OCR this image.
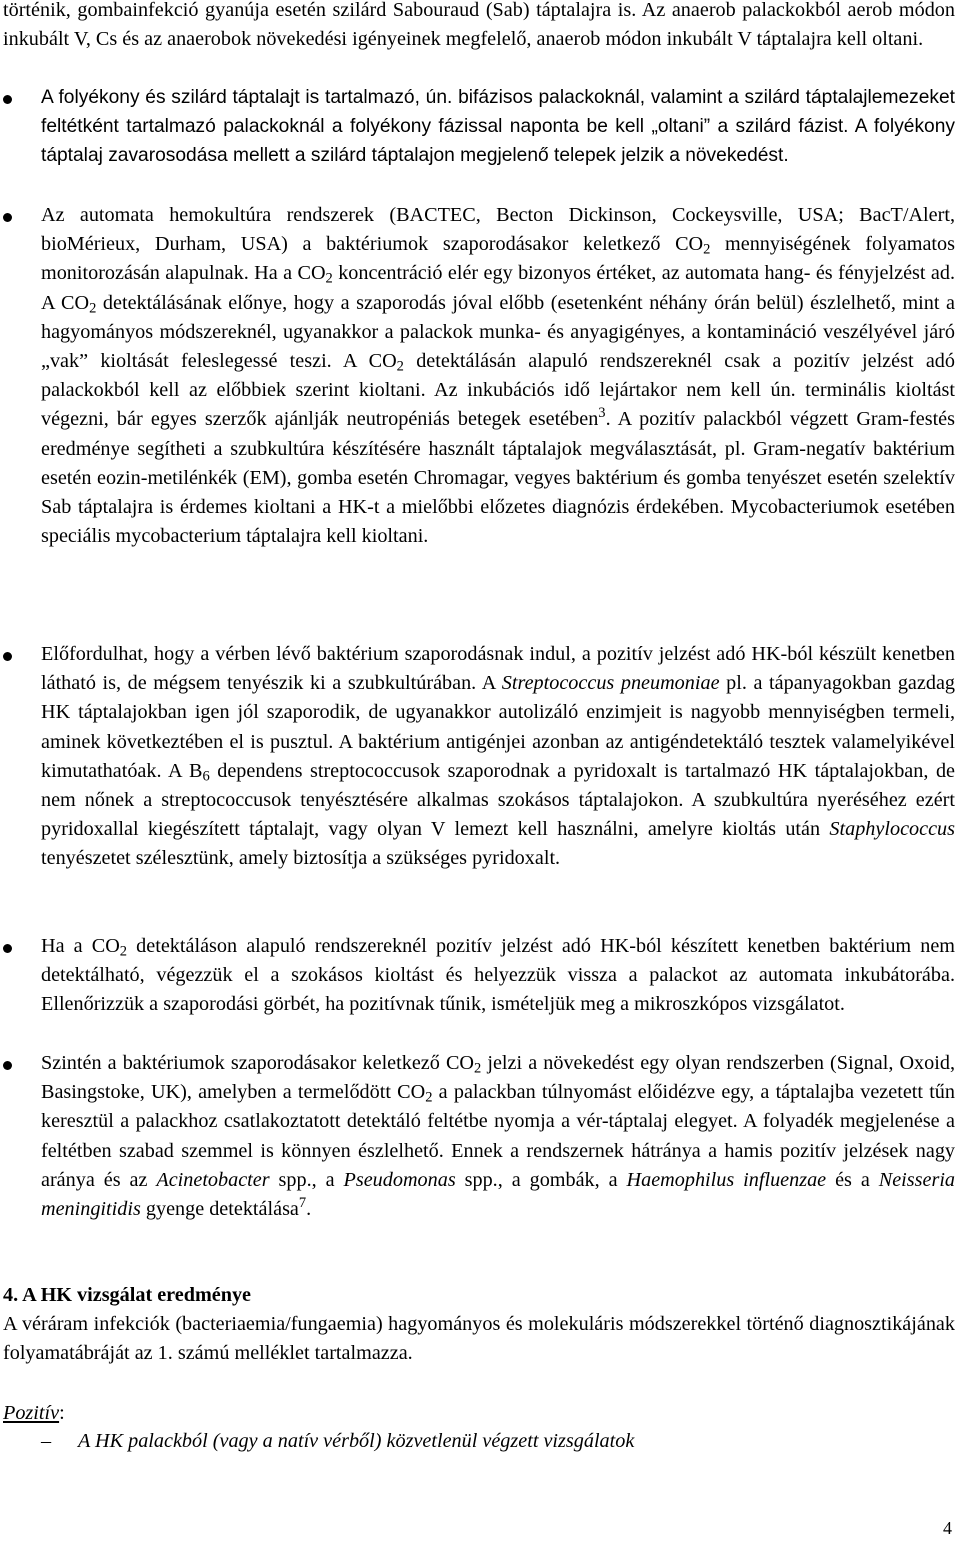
történik, gombainfekció gyanúja esetén szilárd Sabouraud (Sab) táptalajra is. Az anaerob palackokból aerob módon inkubált V, Cs és az anaerobok növekedési igényeinek megfelelő, anaerob módon inkubált V táptalajra kell oltani.

A folyékony és szilárd táptalajt is tartalmazó, ún. bifázisos palackoknál, valamint a szilárd táptalajlemezeket feltétként tartalmazó palackoknál a folyékony fázissal naponta be kell „oltani” a szilárd fázist. A folyékony táptalaj zavarosodása mellett a szilárd táptalajon megjelenő telepek jelzik a növekedést.

Az automata hemokultúra rendszerek (BACTEC, Becton Dickinson, Cockeysville, USA; BacT/Alert, bioMérieux, Durham, USA) a baktériumok szaporodásakor keletkező $CO_2$ mennyiségének folyamatos monitorozásán alapulnak. Ha a $CO_2$ koncentráció elér egy bizonyos értéket, az automata hang- és fényjelzést ad. A $CO_2$ detektálásának előnye, hogy a szaporodás jóval előbb (esetenként néhány órán belül) észlelhető, mint a hagyományos módszereknél, ugyanakkor a palackok munka- és anyagigényes, a kontamináció veszélyével járó „vak” kioltását feleslegessé teszi. A $CO_2$ detektálásán alapuló rendszereknél csak a pozitív jelzést adó palackokból kell az előbbiek szerint kioltani. Az inkubációs idő lejártakor nem kell ún. terminális kioltást végezni, bár egyes szerzők ajánlják neutropéniás betegek esetében$^3$. A pozitív palackból végzett Gram-festés eredménye segítheti a szubkultúra készítésére használt táptalajok megválasztását, pl. Gram-negatív baktérium esetén eozin-metilénkék (EM), gomba esetén Chromagar, vegyes baktérium és gomba tenyészet esetén szelektív Sab táptalajra is érdemes kioltani a HK-t a mielőbbi előzetes diagnózis érdekében. Mycobacteriumok esetében speciális mycobacterium táptalajra kell kioltani.

Előfordulhat, hogy a vérben lévő baktérium szaporodásnak indul, a pozitív jelzést adó HK-ból készült kenetben látható is, de mégsem tenyészik ki a szubkultúrában. A Streptococcus pneumoniae pl. a tápanyagokban gazdag HK táptalajokban igen jól szaporodik, de ugyanakkor autolizáló enzimjeit is nagyobb mennyiségben termeli, aminek következtében el is pusztul. A baktérium antigénjei azonban az antigéndetektáló tesztek valamelyikével kimutathatóak. A $B_6$ dependens streptococcusok szaporodnak a pyridoxalt is tartalmazó HK táptalajokban, de nem nőnek a streptococcusok tenyésztésére alkalmas szokásos táptalajokon. A szubkultúra nyeréséhez ezért pyridoxallal kiegészített táptalajt, vagy olyan V lemezt kell használni, amelyre kioltás után Staphylococcus tenyészetet szélesztünk, amely biztosítja a szükséges pyridoxalt.

Ha a $CO_2$ detektáláson alapuló rendszereknél pozitív jelzést adó HK-ból készített kenetben baktérium nem detektálható, végezzük el a szokásos kioltást és helyezzük vissza a palackot az automata inkubátorába. Ellenőrizzük a szaporodási görbét, ha pozitívnak tűnik, ismételjük meg a mikroszkópos vizsgálatot.

Szintén a baktériumok szaporodásakor keletkező $CO_2$ jelzi a növekedést egy olyan rendszerben (Signal, Oxoid, Basingstoke, UK), amelyben a termelődött $CO_2$ a palackban túlnyomást előidézve egy, a táptalajba vezetett tűn keresztül a palackhoz csatlakoztatott detektáló feltétbe nyomja a vér-táptalaj elegyet. A folyadék megjelenése a feltétben szabad szemmel is könnyen észlelhető. Ennek a rendszernek hátránya a hamis pozitív jelzések nagy aránya és az Acinetobacter spp., a Pseudomonas spp., a gombák, a Haemophilus influenzae és a Neisseria meningitidis gyenge detektálása$^7$.

4. A HK vizsgálat eredménye

A véráram infekciók (bacteriaemia/fungaemia) hagyományos és molekuláris módszerekkel történő diagnosztikájának folyamatábráját az 1. számú melléklet tartalmazza.

Pozitív:

– A HK palackból (vagy a natív vérből) közvetlenül végzett vizsgálatok

4
